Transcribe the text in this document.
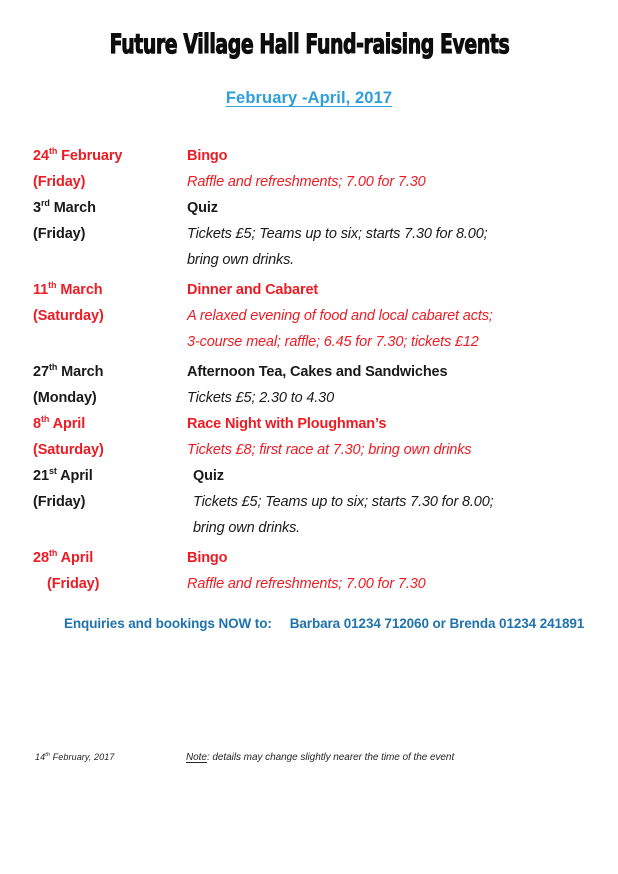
Future Village Hall Fund-raising Events
February -April, 2017
24th February	Bingo
(Friday)	Raffle and refreshments; 7.00 for 7.30
3rd March	Quiz
(Friday)	Tickets £5; Teams up to six; starts 7.30 for 8.00;
bring own drinks.
11th March	Dinner and Cabaret
(Saturday)	A relaxed evening of food and local cabaret acts;
3-course meal; raffle; 6.45 for 7.30; tickets £12
27th March	Afternoon Tea, Cakes and Sandwiches
(Monday)	Tickets £5; 2.30 to 4.30
8th April	Race Night with Ploughman’s
(Saturday)	Tickets £8; first race at 7.30; bring own drinks
21st April	Quiz
(Friday)	Tickets £5; Teams up to six; starts 7.30 for 8.00;
bring own drinks.
28th April	Bingo
(Friday)	Raffle and refreshments; 7.00 for 7.30
Enquiries and bookings NOW to: Barbara 01234 712060 or Brenda 01234 241891
14th February, 2017	Note: details may change slightly nearer the time of the event
